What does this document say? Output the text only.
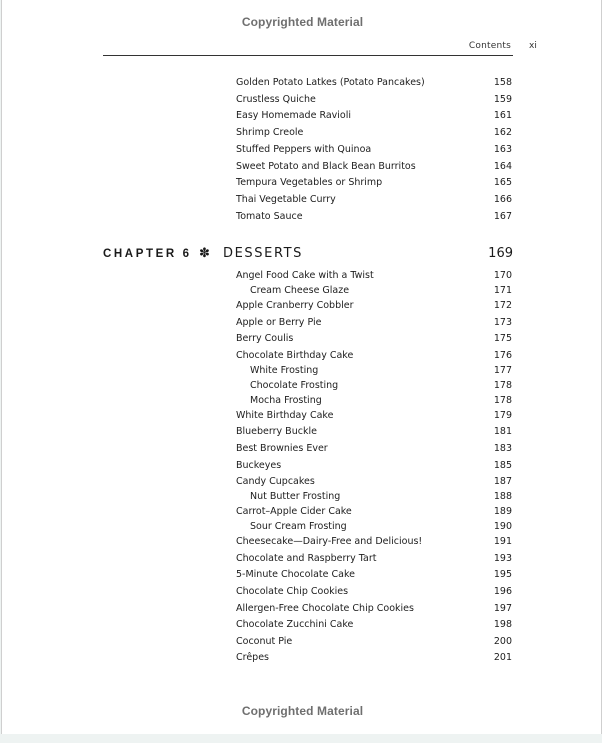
Copyrighted Material
Contents xi
Golden Potato Latkes (Potato Pancakes)	158
Crustless Quiche	159
Easy Homemade Ravioli	161
Shrimp Creole	162
Stuffed Peppers with Quinoa	163
Sweet Potato and Black Bean Burritos	164
Tempura Vegetables or Shrimp	165
Thai Vegetable Curry	166
Tomato Sauce	167
CHAPTER 6 ✽ DESSERTS	169
Angel Food Cake with a Twist	170
Cream Cheese Glaze	171
Apple Cranberry Cobbler	172
Apple or Berry Pie	173
Berry Coulis	175
Chocolate Birthday Cake	176
White Frosting	177
Chocolate Frosting	178
Mocha Frosting	178
White Birthday Cake	179
Blueberry Buckle	181
Best Brownies Ever	183
Buckeyes	185
Candy Cupcakes	187
Nut Butter Frosting	188
Carrot–Apple Cider Cake	189
Sour Cream Frosting	190
Cheesecake—Dairy-Free and Delicious!	191
Chocolate and Raspberry Tart	193
5-Minute Chocolate Cake	195
Chocolate Chip Cookies	196
Allergen-Free Chocolate Chip Cookies	197
Chocolate Zucchini Cake	198
Coconut Pie	200
Crêpes	201
Copyrighted Material
